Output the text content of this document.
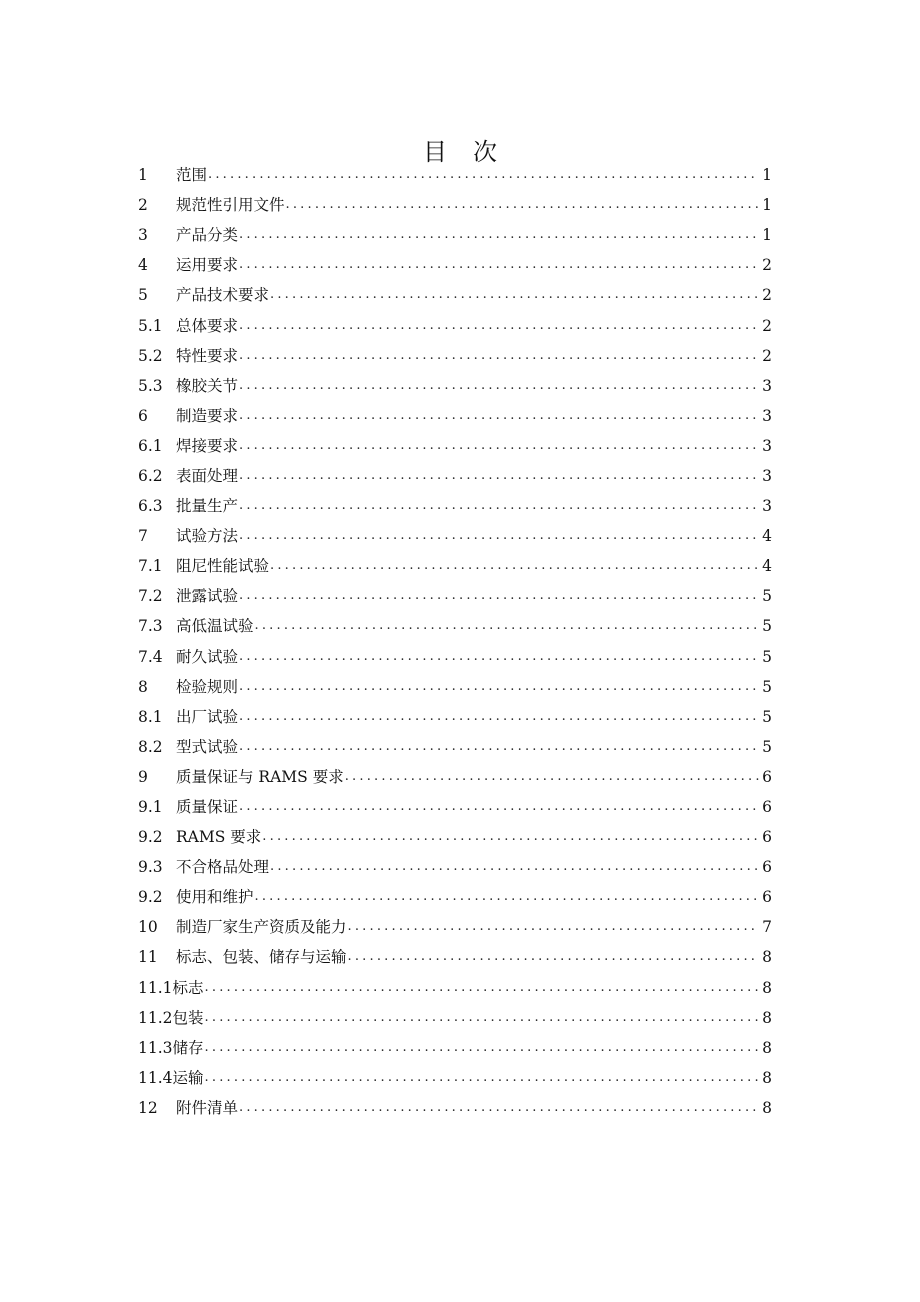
目 次
1	范围 .....	1
2	规范性引用文件 .....	1
3	产品分类 .....	1
4	运用要求 .....	2
5	产品技术要求 .....	2
5.1 总体要求 .....	2
5.2 特性要求 .....	2
5.3 橡胶关节 .....	3
6	制造要求 .....	3
6.1 焊接要求 .....	3
6.2 表面处理 .....	3
6.3 批量生产 .....	3
7	试验方法 .....	4
7.1 阻尼性能试验 .....	4
7.2 泄露试验 .....	5
7.3 高低温试验 .....	5
7.4 耐久试验 .....	5
8	检验规则 .....	5
8.1 出厂试验 .....	5
8.2 型式试验 .....	5
9	质量保证与 RAMS 要求 .....	6
9.1 质量保证 .....	6
9.2 RAMS 要求 .....	6
9.3 不合格品处理 .....	6
9.2 使用和维护 .....	6
10	制造厂家生产资质及能力 .....	7
11	标志、包装、储存与运输 .....	8
11.1 标志 .....	8
11.2 包装 .....	8
11.3 储存 .....	8
11.4 运输 .....	8
12	附件清单 .....	8
